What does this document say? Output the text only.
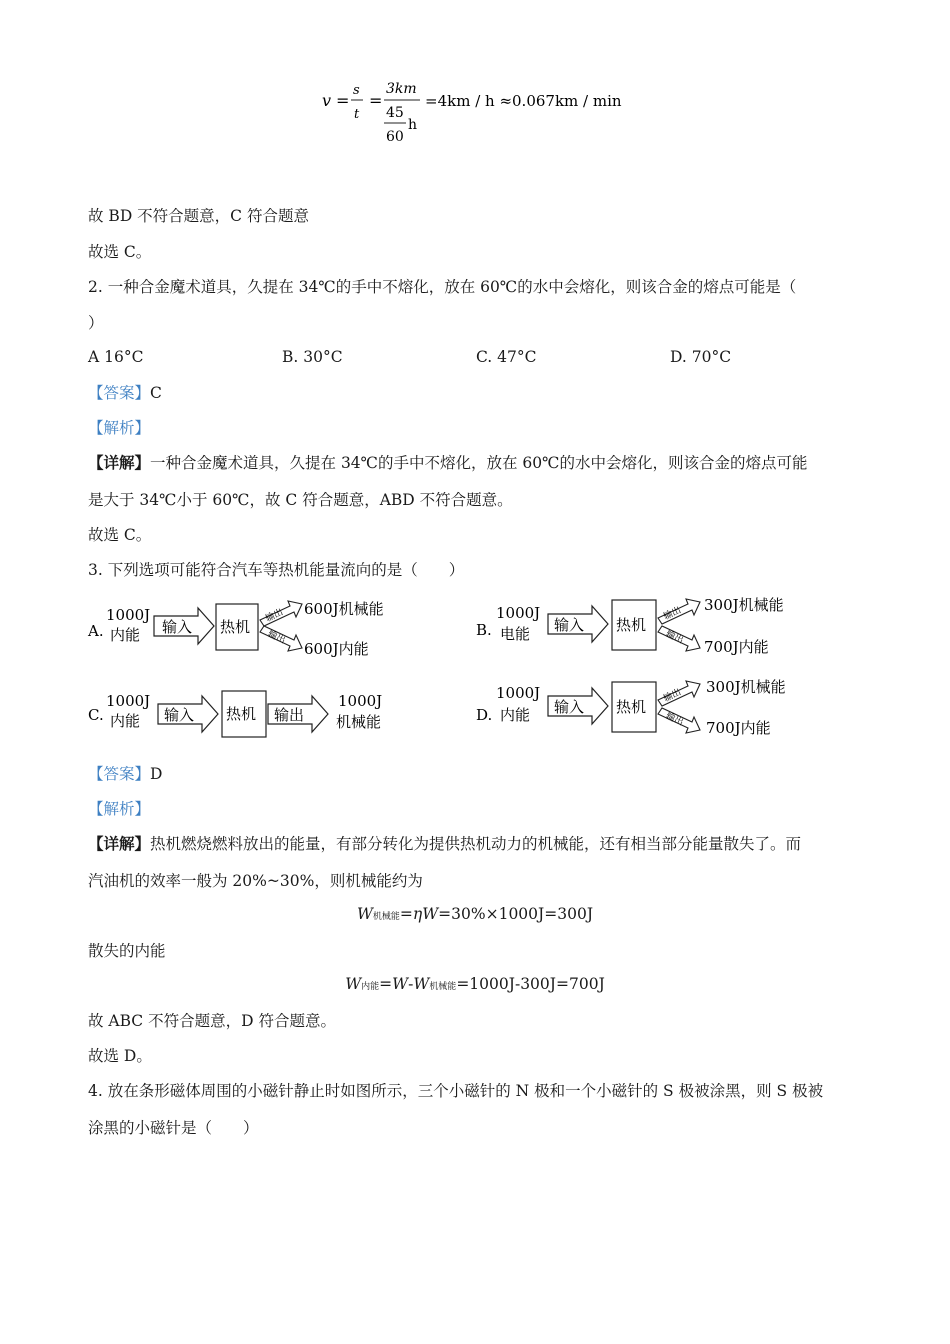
v =
s
t
=
3km
45
60
h
=4km / h ≈0.067km / min
故 BD 不符合题意，C 符合题意
故选 C。
2. 一种合金魔术道具，久提在 34℃的手中不熔化，放在 60℃的水中会熔化，则该合金的熔点可能是（
）
A 16°C	B. 30°C	C. 47°C	D. 70°C
【答案】C
【解析】
【详解】一种合金魔术道具，久提在 34℃的手中不熔化，放在 60℃的水中会熔化，则该合金的熔点可能
是大于 34℃小于 60℃，故 C 符合题意，ABD 不符合题意。
故选 C。
3. 下列选项可能符合汽车等热机能量流向的是（　　）
A.
1000J
内能 输入 热机
输出 600J机械能
输出
600J内能
B.
1000J
电能 输入 热机
输出 300J机械能
输出
700J内能
C.
1000J
内能 输入 热机 输出
1000J
机械能	D.
1000J
内能 输入 热机
输出 300J机械能
输出 700J内能
【答案】D
【解析】
【详解】热机燃烧燃料放出的能量，有部分转化为提供热机动力的机械能，还有相当部分能量散失了。而
汽油机的效率一般为 20%~30%，则机械能约为
W机械能=ηW=30%×1000J=300J
散失的内能
W内能=W-W机械能=1000J-300J=700J
故 ABC 不符合题意，D 符合题意。
故选 D。
4. 放在条形磁体周围的小磁针静止时如图所示，三个小磁针的 N 极和一个小磁针的 S 极被涂黑，则 S 极被
涂黑的小磁针是（　　）
